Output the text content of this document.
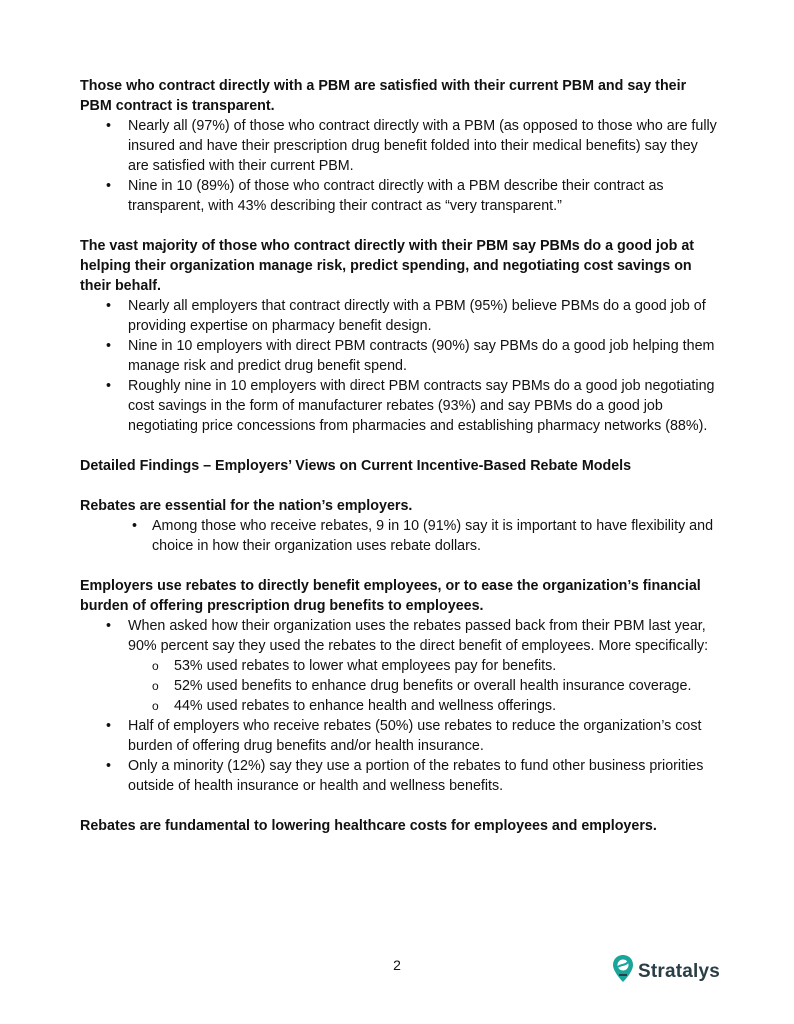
Those who contract directly with a PBM are satisfied with their current PBM and say their PBM contract is transparent.

• Nearly all (97%) of those who contract directly with a PBM (as opposed to those who are fully insured and have their prescription drug benefit folded into their medical benefits) say they are satisfied with their current PBM.
• Nine in 10 (89%) of those who contract directly with a PBM describe their contract as transparent, with 43% describing their contract as “very transparent.”

The vast majority of those who contract directly with their PBM say PBMs do a good job at helping their organization manage risk, predict spending, and negotiating cost savings on their behalf.

• Nearly all employers that contract directly with a PBM (95%) believe PBMs do a good job of providing expertise on pharmacy benefit design.
• Nine in 10 employers with direct PBM contracts (90%) say PBMs do a good job helping them manage risk and predict drug benefit spend.
• Roughly nine in 10 employers with direct PBM contracts say PBMs do a good job negotiating cost savings in the form of manufacturer rebates (93%) and say PBMs do a good job negotiating price concessions from pharmacies and establishing pharmacy networks (88%).

Detailed Findings – Employers’ Views on Current Incentive-Based Rebate Models

Rebates are essential for the nation’s employers.

• Among those who receive rebates, 9 in 10 (91%) say it is important to have flexibility and choice in how their organization uses rebate dollars.

Employers use rebates to directly benefit employees, or to ease the organization’s financial burden of offering prescription drug benefits to employees.

• When asked how their organization uses the rebates passed back from their PBM last year, 90% percent say they used the rebates to the direct benefit of employees. More specifically:
o 53% used rebates to lower what employees pay for benefits.
o 52% used benefits to enhance drug benefits or overall health insurance coverage.
o 44% used rebates to enhance health and wellness offerings.
• Half of employers who receive rebates (50%) use rebates to reduce the organization’s cost burden of offering drug benefits and/or health insurance.
• Only a minority (12%) say they use a portion of the rebates to fund other business priorities outside of health insurance or health and wellness benefits.

Rebates are fundamental to lowering healthcare costs for employees and employers.

2	Stratalys
